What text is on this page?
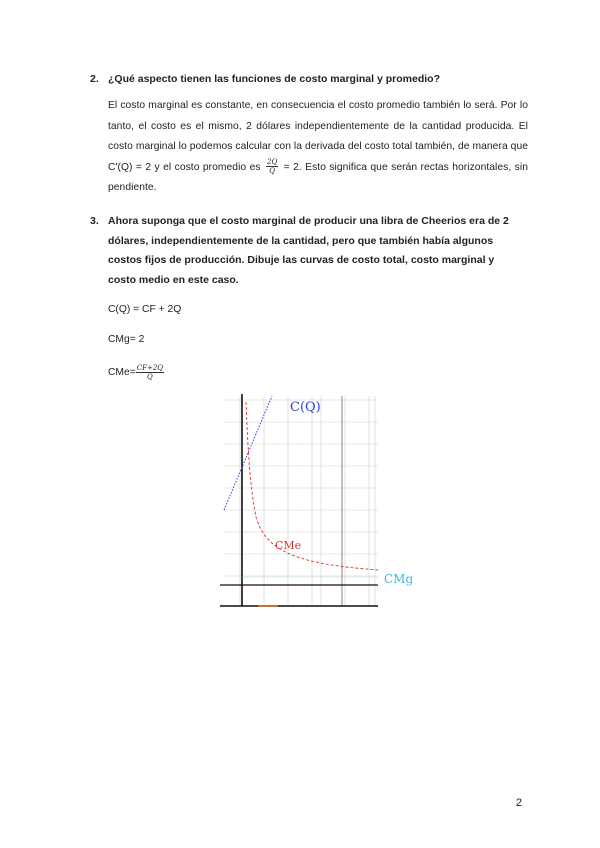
2. ¿Qué aspecto tienen las funciones de costo marginal y promedio?

El costo marginal es constante, en consecuencia el costo promedio también lo será. Por lo tanto, el costo es el mismo, 2 dólares independientemente de la cantidad producida. El costo marginal lo podemos calcular con la derivada del costo total también, de manera que C'(Q) = 2 y el costo promedio es $\frac{2Q}{Q} = 2$. Esto significa que serán rectas horizontales, sin pendiente.

3. Ahora suponga que el costo marginal de producir una libra de Cheerios era de 2
dólares, independientemente de la cantidad, pero que también había algunos
costos fijos de producción. Dibuje las curvas de costo total, costo marginal y
costo medio en este caso.
C(Q) = CF + 2Q
CMg= 2
$CMe= \frac{CF+2Q}{Q}$
C(Q)
CMe
CMg
2
